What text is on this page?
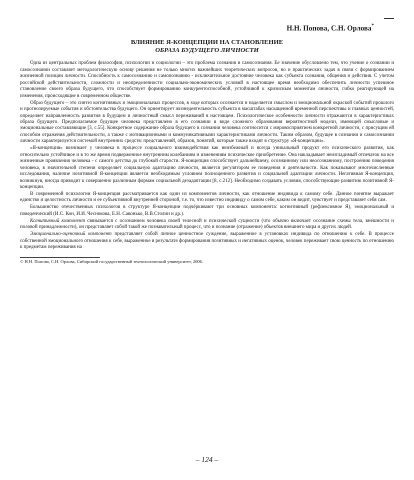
Н.Н. Попова, С.Н. Орлова*
ВЛИЯНИЕ Я-КОНЦЕПЦИИ НА СТАНОВЛЕНИЕ
ОБРАЗА БУДУЩЕГО ЛИЧНОСТИ

Одна из центральных проблем философии, психологии и социологии – это проблема сознания и самосознания. Ее значение обусловлено тем, что учение о сознании и самосознании составляет методологическую основу решения не только многих важнейших теоретических вопросов, но и практических задач в связи с формированием жизненной позиции личности. Способность к самосознанию и самопознанию - исключительное достояние человека как субъекта сознания, общения и действия. С учетом российской действительности, сложности и неопределенности социально-экономических условий в настоящее время необходимо обеспечить личности успешное становление своего образа будущего, что способствует формированию конкурентоспособной, устойчивой к кризисным моментам личности, гибко реагирующей на изменения, происходящие в современном обществе.

Образ будущего – это синтез когнитивных и эмоциональных процессов, в ходе которых осознается и наделяется смыслом и эмоциональной окраской событий прошлого и прогнозируемые события и обстоятельства будущего. Он ориентирует жизнедеятельность субъекта в масштабах насыщенной временной перспективы и главных ценностей, определяет направленность развития в будущем и личностный смысл переживаний в настоящем. Психологическое особенности личности отражаются в характеристиках образа будущего. Предполагаемое будущее человека представлено в его сознании в виде сложного образования вероятностной модели, имеющей смысловые и эмоциональные составляющие [3, с.55]. Конкретное содержание образа будущего в сознании человека соотносится с мировосприятием конкретной личности, с присущим ей способом отражения действительности, а также с мотивационными и коммуникативными характеристиками личности. Таким образом, будущее в сознании и самосознании личности характеризуется системой внутренних средств: представлений, образов, понятий, которые также входят в структуру «Я-концепции».

«Я-концепция» возникает у человека в процессе социального взаимодействия как неизбежный и всегда уникальный продукт его психического развития, как относительно устойчивое и в то же время подверженное внутренним колебаниям и изменениям психическое приобретение. Она накладывает неизгладимый отпечаток на все жизненные проявления человека - с самого детства до глубокой старости. Я-концепция способствует дальнейшему, осознанному или неосознанному, построению поведения человека, в значительной степени определяет социальную адаптацию личности, является регулятором ее поведения и деятельности. Как показывают многочисленные исследования, наличие позитивной Я-концепции является необходимым условием полноценного развития и социальной адаптации личности. Негативная Я-концепция, возникнув, иногда приводит к совершенно различным формам социальной дезадаптации [8, с.212]. Необходимо создавать условия, способствующие развитию позитивной Я-концепции.

В современной психологии Я-концепция рассматривается как один из компонентов личности, как отношение индивида к самому себе. Данное понятие выражает единство и целостность личности и ее субъективной внутренней стороной, т.е. то, что известно индивиду о самом себе, каким он видит, чувствует и представляет себя сам.

Большинство отечественных психологов в структуре Я-концепции подчёркивают три основных компонента: когнитивный (рефлексивное Я), эмоциональный и поведенческий (И.С. Кон, И.И. Чеснокова, Е.Н. Савонько, В.В.Столин и др.).

Когнитивный компонент связывается с осознанием человека своей телесной и психической сущности (что обычно включает осознание схемы тела, внешности и половой принадлежности), он представляет собой такой же познавательный процесс, что и познание (отражение) объектов внешнего мира и других людей.

Эмоционально-оценочный компонент представляет собой личное ценностное суждение, выраженное в установках индивида по отношению к себе. В процессе собственной эмоционального отношения к себе, выраженное в результате формирования позитивных и негативных оценок, человек переживает свою ценность по отношению к предметам переживания на

© Н.Н. Попова, С.Н. Орлова, Сибирский государственный технологический университет, 2006.
– 124 –
